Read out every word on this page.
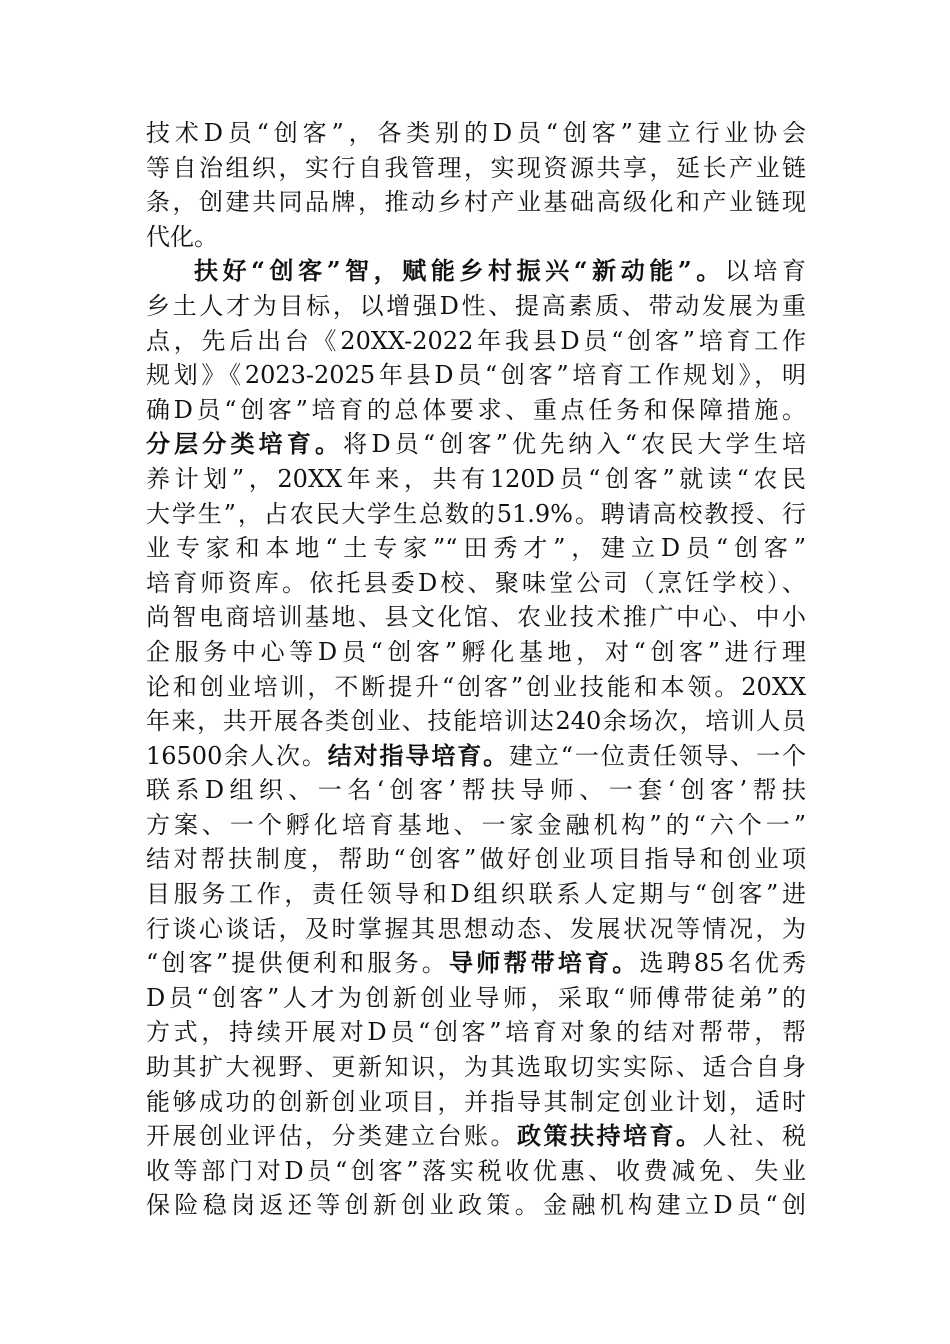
技术D员“创客”，各类别的D员“创客”建立行业协会
等自治组织，实行自我管理，实现资源共享，延长产业链
条，创建共同品牌，推动乡村产业基础高级化和产业链现
代化。
扶好“创客”智，赋能乡村振兴“新动能”。以培育
乡土人才为目标，以增强D性、提高素质、带动发展为重
点，先后出台《20XX-2022年我县D员“创客”培育工作
规划》《2023-2025年县D员“创客”培育工作规划》，明
确D员“创客”培育的总体要求、重点任务和保障措施。
分层分类培育。将D员“创客”优先纳入“农民大学生培
养计划”，20XX年来，共有120D员“创客”就读“农民
大学生”，占农民大学生总数的51.9%。聘请高校教授、行
业专家和本地“土专家”“田秀才”，建立D员“创客”
培育师资库。依托县委D校、聚味堂公司（烹饪学校）、
尚智电商培训基地、县文化馆、农业技术推广中心、中小
企服务中心等D员“创客”孵化基地，对“创客”进行理
论和创业培训，不断提升“创客”创业技能和本领。20XX
年来，共开展各类创业、技能培训达240余场次，培训人员
16500余人次。结对指导培育。建立“一位责任领导、一个
联系D组织、一名‘创客’帮扶导师、一套‘创客’帮扶
方案、一个孵化培育基地、一家金融机构”的“六个一”
结对帮扶制度，帮助“创客”做好创业项目指导和创业项
目服务工作，责任领导和D组织联系人定期与“创客”进
行谈心谈话，及时掌握其思想动态、发展状况等情况，为
“创客”提供便利和服务。导师帮带培育。选聘85名优秀
D员“创客”人才为创新创业导师，采取“师傅带徒弟”的
方式，持续开展对D员“创客”培育对象的结对帮带，帮
助其扩大视野、更新知识，为其选取切实实际、适合自身
能够成功的创新创业项目，并指导其制定创业计划，适时
开展创业评估，分类建立台账。政策扶持培育。人社、税
收等部门对D员“创客”落实税收优惠、收费减免、失业
保险稳岗返还等创新创业政策。金融机构建立D员“创
